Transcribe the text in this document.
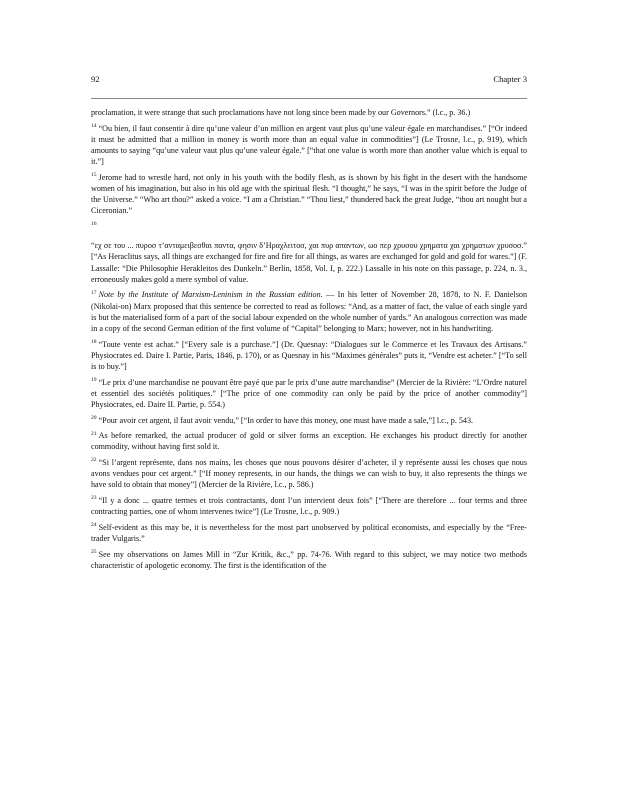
92	Chapter 3

proclamation, it were strange that such proclamations have not long since been made by our Governors.” (l.c., p. 36.)

$^{14}$ “Ou bien, il faut consentir à dire qu’une valeur d’un million en argent vaut plus qu’une valeur égale en marchandises.” [“Or indeed it must be admitted that a million in money is worth more than an equal value in commodities”] (Le Trosne, l.c., p. 919), which amounts to saying “qu’une valeur vaut plus qu’une valeur égale.” [“that one value is worth more than another value which is equal to it.”]

$^{15}$ Jerome had to wrestle hard, not only in his youth with the bodily flesh, as is shown by his fight in the desert with the handsome women of his imagination, but also in his old age with the spiritual flesh. “I thought,” he says, “I was in the spirit before the Judge of the Universe.” “Who art thou?” asked a voice. “I am a Christian.” “Thou liest,” thundered back the great Judge, “thou art nought but a Ciceronian.”

$^{16}$

“εχ σε του ... πυροσ τ’ανταμειβεσθαι παντα, φησιν δ’Ηραχλειτοσ, χαι πυρ απαντων, ωο περ χρυσου χρηματα χαι χρηματων χρυσοσ.” [“As Heraclitus says, all things are exchanged for fire and fire for all things, as wares are exchanged for gold and gold for wares.”] (F. Lassalle: “Die Philosophie Herakleitos des Dunkeln.” Berlin, 1858, Vol. I, p. 222.) Lassalle in his note on this passage, p. 224, n. 3., erroneously makes gold a mere symbol of value.

$^{17}$ Note by the Institute of Marxism-Leninism in the Russian edition. — In his letter of November 28, 1878, to N. F. Danielson (Nikolai-on) Marx proposed that this sentence be corrected to read as follows: “And, as a matter of fact, the value of each single yard is but the materialised form of a part of the social labour expended on the whole number of yards.” An analogous correction was made in a copy of the second German edition of the first volume of “Capital” belonging to Marx; however, not in his handwriting.

$^{18}$ “Toute vente est achat.” [“Every sale is a purchase.”] (Dr. Quesnay: “Dialogues sur le Commerce et les Travaux des Artisans.” Physiocrates ed. Daire I. Partie, Paris, 1846, p. 170), or as Quesnay in his “Maximes générales” puts it, “Vendre est acheter.” [“To sell is to buy.”]

$^{19}$ “Le prix d’une marchandise ne pouvant être payé que par le prix d’une autre marchandise” (Mercier de la Rivière: “L’Ordre naturel et essentiel des sociétés politiques.” [“The price of one commodity can only be paid by the price of another commodity”] Physiocrates, ed. Daire II. Partie, p. 554.)

$^{20}$ “Pour avoir cet argent, il faut avoir vendu,” [“In order to have this money, one must have made a sale,”] l.c., p. 543.

$^{21}$ As before remarked, the actual producer of gold or silver forms an exception. He exchanges his product directly for another commodity, without having first sold it.

$^{22}$ “Si l’argent représente, dans nos mains, les choses que nous pouvons désirer d’acheter, il y représente aussi les choses que nous avons vendues pour cet argent.” [“If money represents, in our hands, the things we can wish to buy, it also represents the things we have sold to obtain that money”] (Mercier de la Rivière, l.c., p. 586.)

$^{23}$ “Il y a donc ... quatre termes et trois contractants, dont l’un intervient deux fois” [“There are therefore ... four terms and three contracting parties, one of whom intervenes twice”] (Le Trosne, l.c., p. 909.)

$^{24}$ Self-evident as this may be, it is nevertheless for the most part unobserved by political economists, and especially by the “Free-trader Vulgaris.”

$^{25}$ See my observations on James Mill in “Zur Kritik, &c.,” pp. 74-76. With regard to this subject, we may notice two methods characteristic of apologetic economy. The first is the identification of the
